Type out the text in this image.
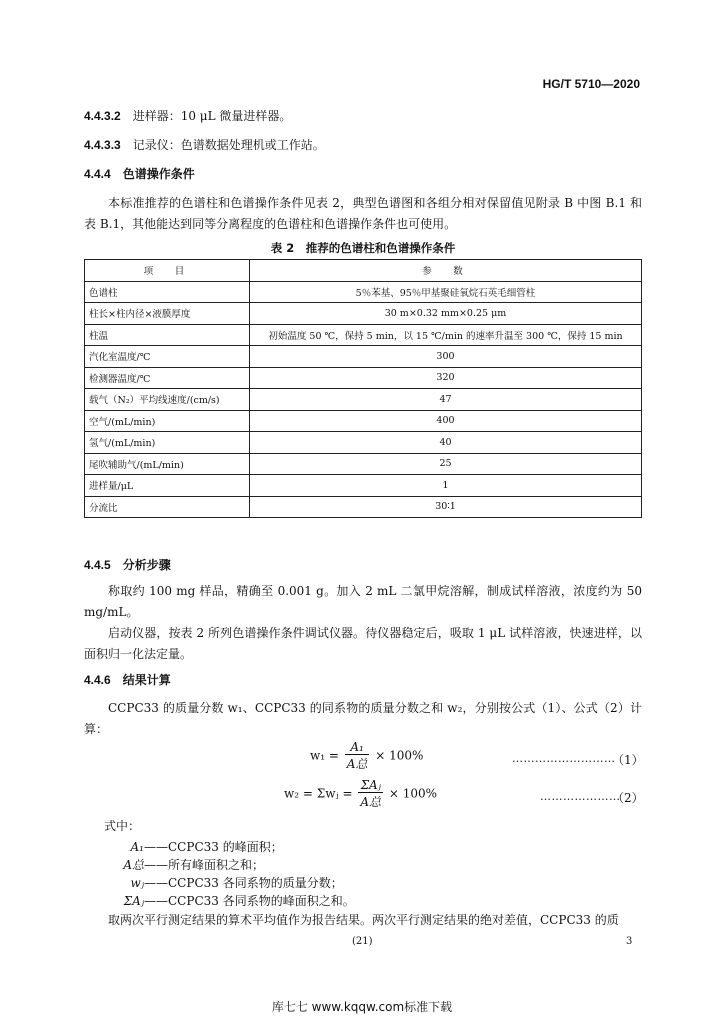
HG/T 5710—2020
4.4.3.2 进样器：10 μL 微量进样器。
4.4.3.3 记录仪：色谱数据处理机或工作站。
4.4.4 色谱操作条件
本标准推荐的色谱柱和色谱操作条件见表 2，典型色谱图和各组分相对保留值见附录 B 中图 B.1 和表 B.1，其他能达到同等分离程度的色谱柱和色谱操作条件也可使用。
表 2　推荐的色谱柱和色谱操作条件
项　目	参　数
色谱柱	5％苯基、95％甲基聚硅氧烷石英毛细管柱
柱长×柱内径×液膜厚度	30 m×0.32 mm×0.25 μm
柱温	初始温度 50 ℃，保持 5 min，以 15 ℃/min 的速率升温至 300 ℃，保持 15 min
汽化室温度/℃	300
检测器温度/℃	320
载气（N₂）平均线速度/(cm/s)	47
空气/(mL/min)	400
氢气/(mL/min)	40
尾吹辅助气/(mL/min)	25
进样量/μL	1
分流比	30∶1
4.4.5 分析步骤
称取约 100 mg 样品，精确至 0.001 g。加入 2 mL 二氯甲烷溶解，制成试样溶液，浓度约为 50 mg/mL。
启动仪器，按表 2 所列色谱操作条件调试仪器。待仪器稳定后，吸取 1 μL 试样溶液，快速进样，以面积归一化法定量。
4.4.6 结果计算
CCPC33 的质量分数 w₁、CCPC33 的同系物的质量分数之和 w₂，分别按公式（1）、公式（2）计算：
$w_1 = \frac{\text{A₁}}{\text{A总}} \times 100\%$	………………………
（1）
w₂ = Σwⱼ = $\frac{\text{ΣAⱼ}}{\text{A总}} \times 100\%$	…………………
（2）
式中：
A₁——CCPC33 的峰面积；
A总——所有峰面积之和；
wⱼ——CCPC33 各同系物的质量分数；
ΣAⱼ——CCPC33 各同系物的峰面积之和。
取两次平行测定结果的算术平均值作为报告结果。两次平行测定结果的绝对差值，CCPC33 的质
(21)	3
库七七 www.kqqw.com标准下载
